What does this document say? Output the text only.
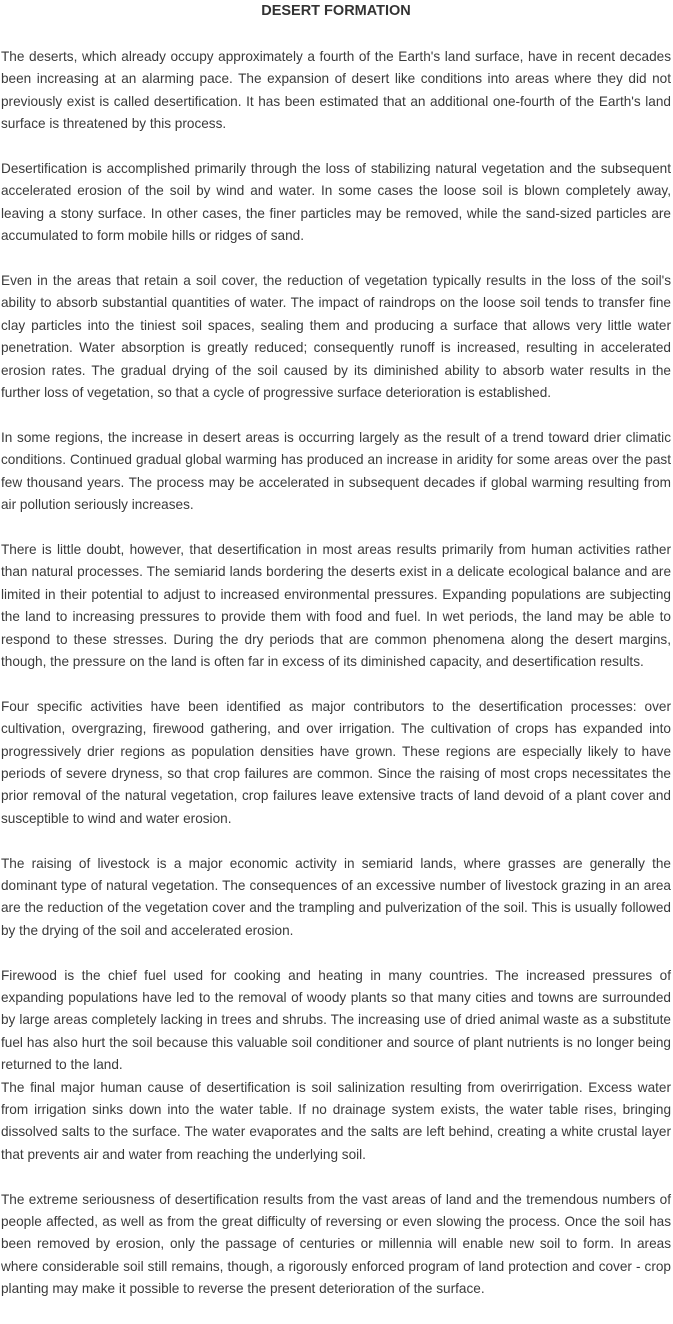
DESERT FORMATION

The deserts, which already occupy approximately a fourth of the Earth's land surface, have in recent decades been increasing at an alarming pace. The expansion of desert like conditions into areas where they did not previously exist is called desertification. It has been estimated that an additional one-fourth of the Earth's land surface is threatened by this process.

Desertification is accomplished primarily through the loss of stabilizing natural vegetation and the subsequent accelerated erosion of the soil by wind and water. In some cases the loose soil is blown completely away, leaving a stony surface. In other cases, the finer particles may be removed, while the sand-sized particles are accumulated to form mobile hills or ridges of sand.

Even in the areas that retain a soil cover, the reduction of vegetation typically results in the loss of the soil's ability to absorb substantial quantities of water. The impact of raindrops on the loose soil tends to transfer fine clay particles into the tiniest soil spaces, sealing them and producing a surface that allows very little water penetration. Water absorption is greatly reduced; consequently runoff is increased, resulting in accelerated erosion rates. The gradual drying of the soil caused by its diminished ability to absorb water results in the further loss of vegetation, so that a cycle of progressive surface deterioration is established.

In some regions, the increase in desert areas is occurring largely as the result of a trend toward drier climatic conditions. Continued gradual global warming has produced an increase in aridity for some areas over the past few thousand years. The process may be accelerated in subsequent decades if global warming resulting from air pollution seriously increases.

There is little doubt, however, that desertification in most areas results primarily from human activities rather than natural processes. The semiarid lands bordering the deserts exist in a delicate ecological balance and are limited in their potential to adjust to increased environmental pressures. Expanding populations are subjecting the land to increasing pressures to provide them with food and fuel. In wet periods, the land may be able to respond to these stresses. During the dry periods that are common phenomena along the desert margins, though, the pressure on the land is often far in excess of its diminished capacity, and desertification results.

Four specific activities have been identified as major contributors to the desertification processes: over cultivation, overgrazing, firewood gathering, and over irrigation. The cultivation of crops has expanded into progressively drier regions as population densities have grown. These regions are especially likely to have periods of severe dryness, so that crop failures are common. Since the raising of most crops necessitates the prior removal of the natural vegetation, crop failures leave extensive tracts of land devoid of a plant cover and susceptible to wind and water erosion.

The raising of livestock is a major economic activity in semiarid lands, where grasses are generally the dominant type of natural vegetation. The consequences of an excessive number of livestock grazing in an area are the reduction of the vegetation cover and the trampling and pulverization of the soil. This is usually followed by the drying of the soil and accelerated erosion.

Firewood is the chief fuel used for cooking and heating in many countries. The increased pressures of expanding populations have led to the removal of woody plants so that many cities and towns are surrounded by large areas completely lacking in trees and shrubs. The increasing use of dried animal waste as a substitute fuel has also hurt the soil because this valuable soil conditioner and source of plant nutrients is no longer being returned to the land.

The final major human cause of desertification is soil salinization resulting from overirrigation. Excess water from irrigation sinks down into the water table. If no drainage system exists, the water table rises, bringing dissolved salts to the surface. The water evaporates and the salts are left behind, creating a white crustal layer that prevents air and water from reaching the underlying soil.

The extreme seriousness of desertification results from the vast areas of land and the tremendous numbers of people affected, as well as from the great difficulty of reversing or even slowing the process. Once the soil has been removed by erosion, only the passage of centuries or millennia will enable new soil to form. In areas where considerable soil still remains, though, a rigorously enforced program of land protection and cover - crop planting may make it possible to reverse the present deterioration of the surface.
